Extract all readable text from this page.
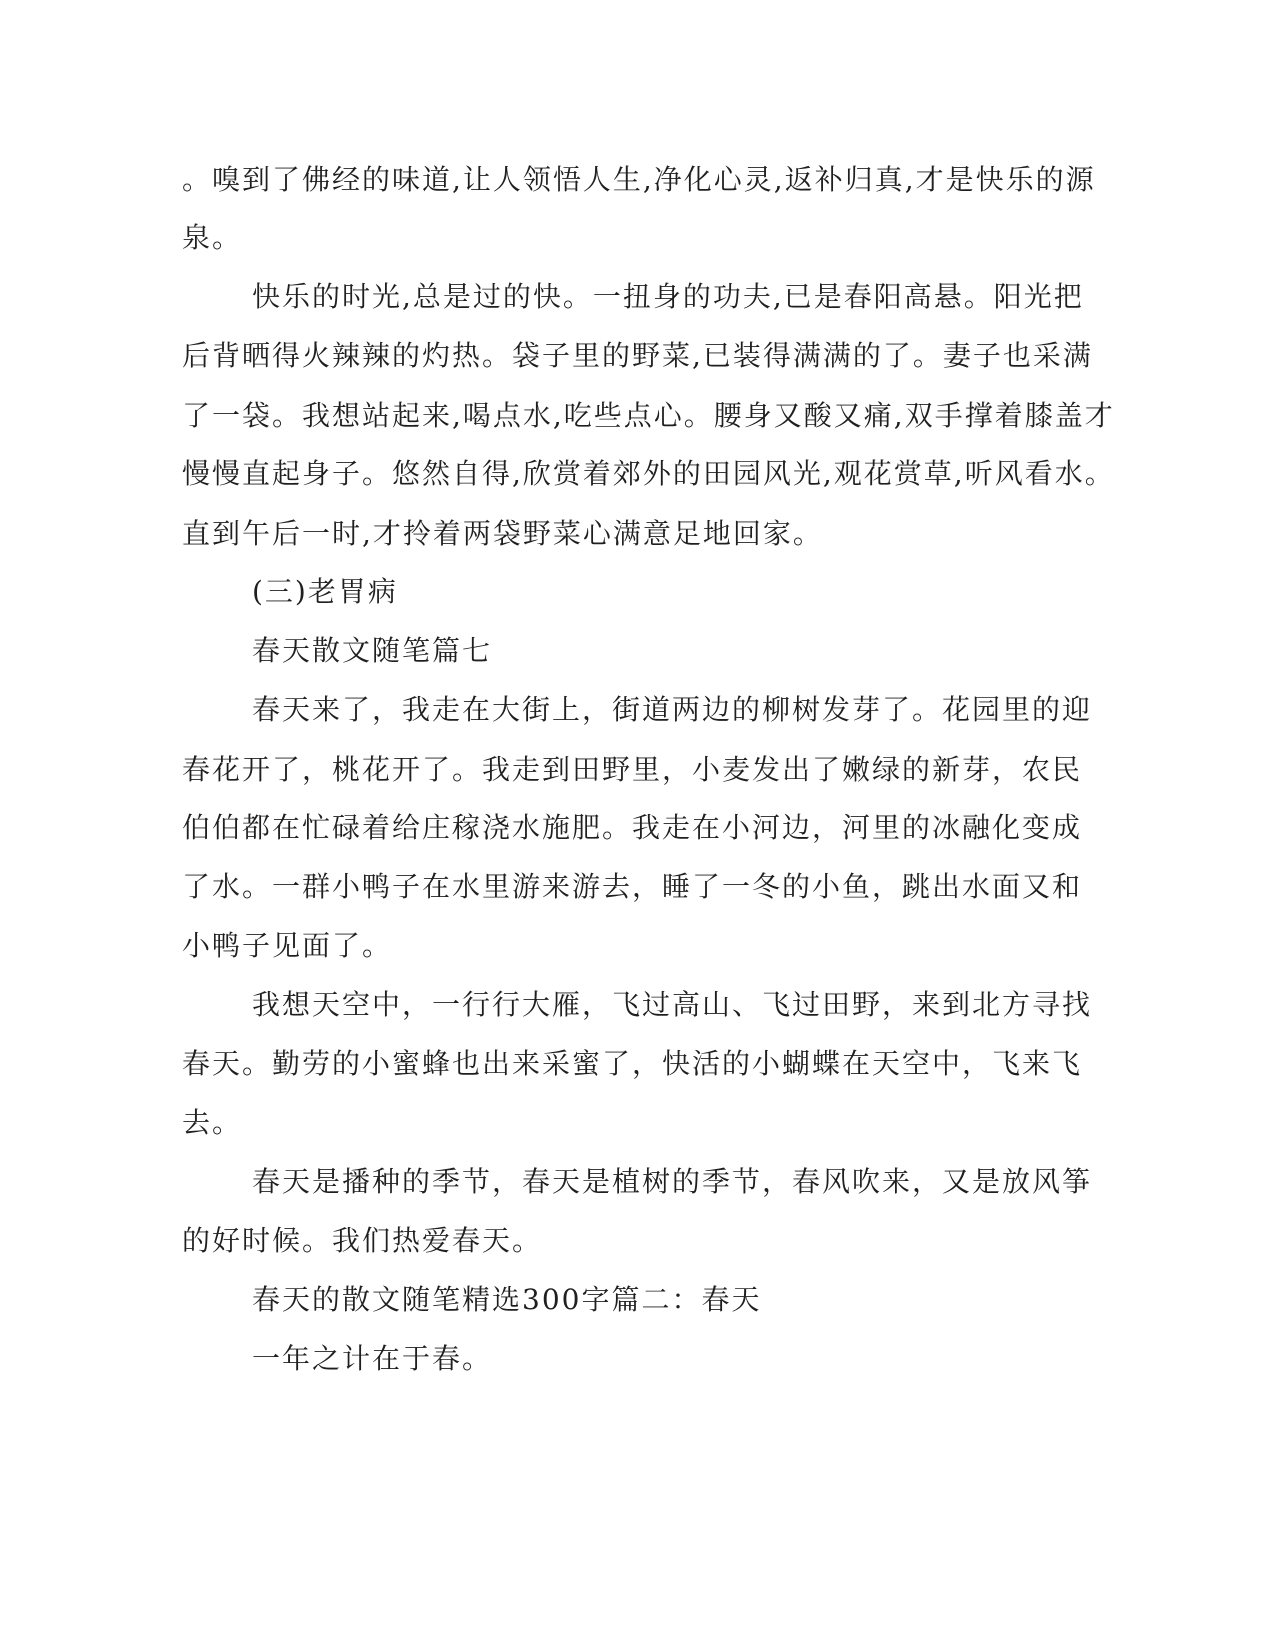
。嗅到了佛经的味道,让人领悟人生,净化心灵,返补归真,才是快乐的源
泉。
快乐的时光,总是过的快。一扭身的功夫,已是春阳高悬。阳光把
后背晒得火辣辣的灼热。袋子里的野菜,已装得满满的了。妻子也采满
了一袋。我想站起来,喝点水,吃些点心。腰身又酸又痛,双手撑着膝盖才
慢慢直起身子。悠然自得,欣赏着郊外的田园风光,观花赏草,听风看水。
直到午后一时,才拎着两袋野菜心满意足地回家。
(三)老胃病
春天散文随笔篇七
春天来了，我走在大街上，街道两边的柳树发芽了。花园里的迎
春花开了，桃花开了。我走到田野里，小麦发出了嫩绿的新芽，农民
伯伯都在忙碌着给庄稼浇水施肥。我走在小河边，河里的冰融化变成
了水。一群小鸭子在水里游来游去，睡了一冬的小鱼，跳出水面又和
小鸭子见面了。
我想天空中，一行行大雁，飞过高山、飞过田野，来到北方寻找
春天。勤劳的小蜜蜂也出来采蜜了，快活的小蝴蝶在天空中，飞来飞
去。
春天是播种的季节，春天是植树的季节，春风吹来，又是放风筝
的好时候。我们热爱春天。
春天的散文随笔精选300字篇二：春天
一年之计在于春。
